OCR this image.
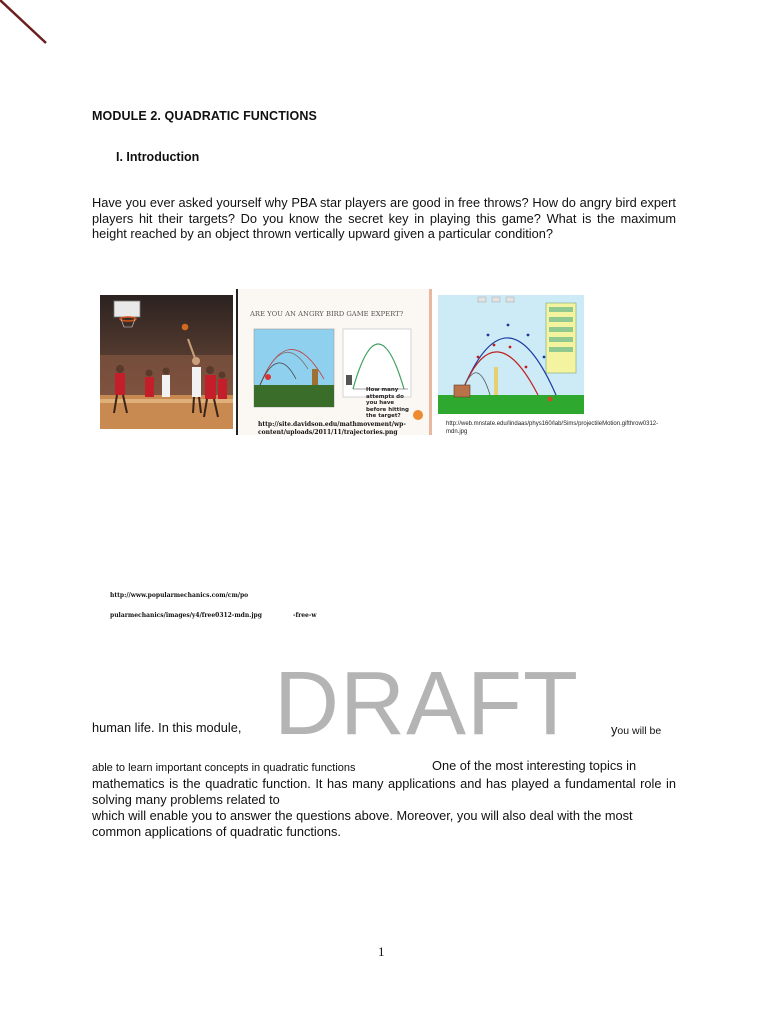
MODULE 2. QUADRATIC FUNCTIONS
I. Introduction
Have you ever asked yourself why PBA star players are good in free throws? How do angry bird expert players hit their targets? Do you know the secret key in playing this game? What is the maximum height reached by an object thrown vertically upward given a particular condition?
ARE YOU AN ANGRY BIRD GAME EXPERT?
How many attempts do you have before hitting the target?
http://site.davidson.edu/mathmovement/wp-content/uploads/2011/11/trajectories.png
http://web.mnstate.edu/lindaas/phys160/lab/Sims/projectileMotion.gifthrow0312-mdn.jpg
http://www.popularmechanics.com/cm/po
pularmechanics/images/y4/free0312-mdn.jpg	-free-w
DRAFT
human life. In this module,	you will be
able to learn important concepts in quadratic functions	One of the most interesting topics in
mathematics is the quadratic function. It has many applications and has played a fundamental role in solving many problems related to
which will enable you to answer the questions above. Moreover, you will also deal with the most common applications of quadratic functions.
1
